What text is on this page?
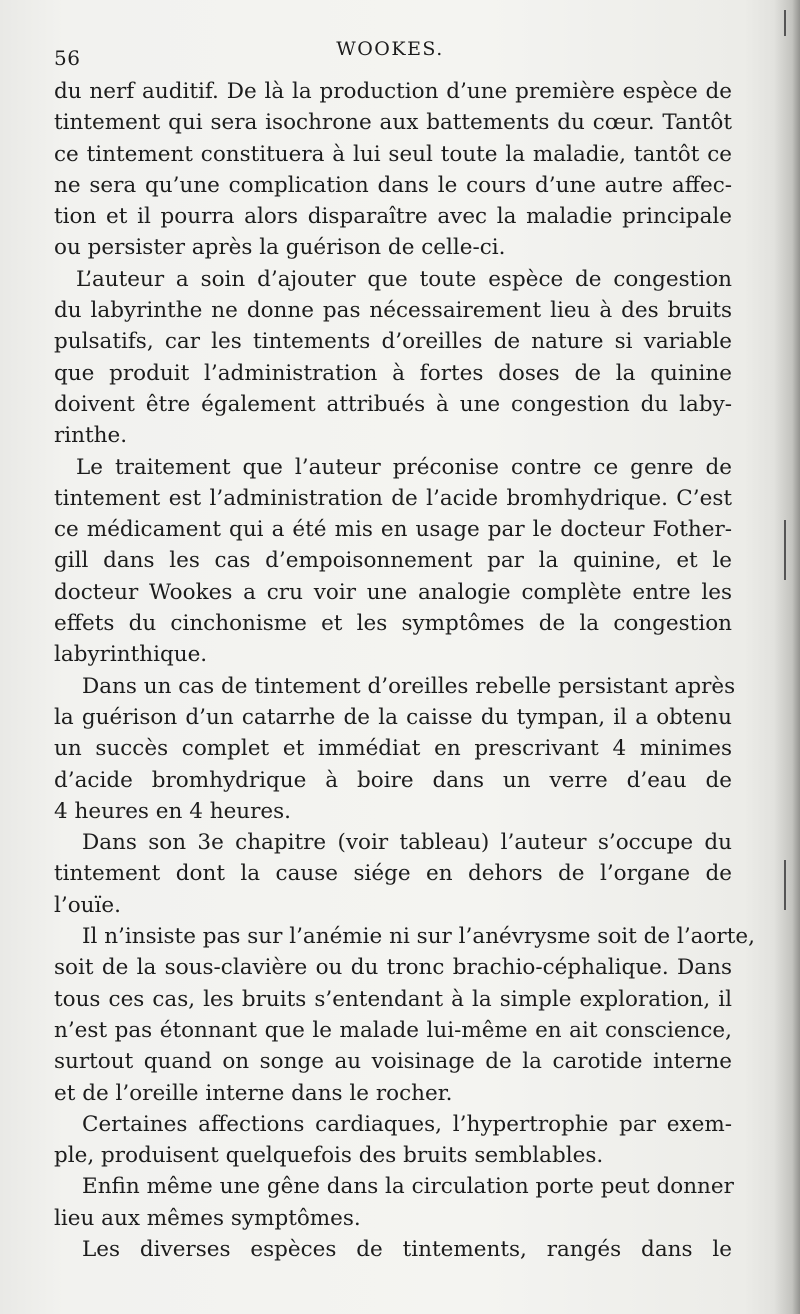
56	WOOKES.
du nerf auditif. De là la production d’une première espèce de
tintement qui sera isochrone aux battements du cœur. Tantôt
ce tintement constituera à lui seul toute la maladie, tantôt ce
ne sera qu’une complication dans le cours d’une autre affec-
tion et il pourra alors disparaître avec la maladie principale
ou persister après la guérison de celle-ci.
L’auteur a soin d’ajouter que toute espèce de congestion
du labyrinthe ne donne pas nécessairement lieu à des bruits
pulsatifs, car les tintements d’oreilles de nature si variable
que produit l’administration à fortes doses de la quinine
doivent être également attribués à une congestion du laby-
rinthe.
Le traitement que l’auteur préconise contre ce genre de
tintement est l’administration de l’acide bromhydrique. C’est
ce médicament qui a été mis en usage par le docteur Fother-
gill dans les cas d’empoisonnement par la quinine, et le
docteur Wookes a cru voir une analogie complète entre les
effets du cinchonisme et les symptômes de la congestion
labyrinthique.
Dans un cas de tintement d’oreilles rebelle persistant après
la guérison d’un catarrhe de la caisse du tympan, il a obtenu
un succès complet et immédiat en prescrivant 4 minimes
d’acide bromhydrique à boire dans un verre d’eau de
4 heures en 4 heures.
Dans son 3e chapitre (voir tableau) l’auteur s’occupe du
tintement dont la cause siége en dehors de l’organe de
l’ouïe.
Il n’insiste pas sur l’anémie ni sur l’anévrysme soit de l’aorte,
soit de la sous-clavière ou du tronc brachio-céphalique. Dans
tous ces cas, les bruits s’entendant à la simple exploration, il
n’est pas étonnant que le malade lui-même en ait conscience,
surtout quand on songe au voisinage de la carotide interne
et de l’oreille interne dans le rocher.
Certaines affections cardiaques, l’hypertrophie par exem-
ple, produisent quelquefois des bruits semblables.
Enfin même une gêne dans la circulation porte peut donner
lieu aux mêmes symptômes.
Les diverses espèces de tintements, rangés dans le
